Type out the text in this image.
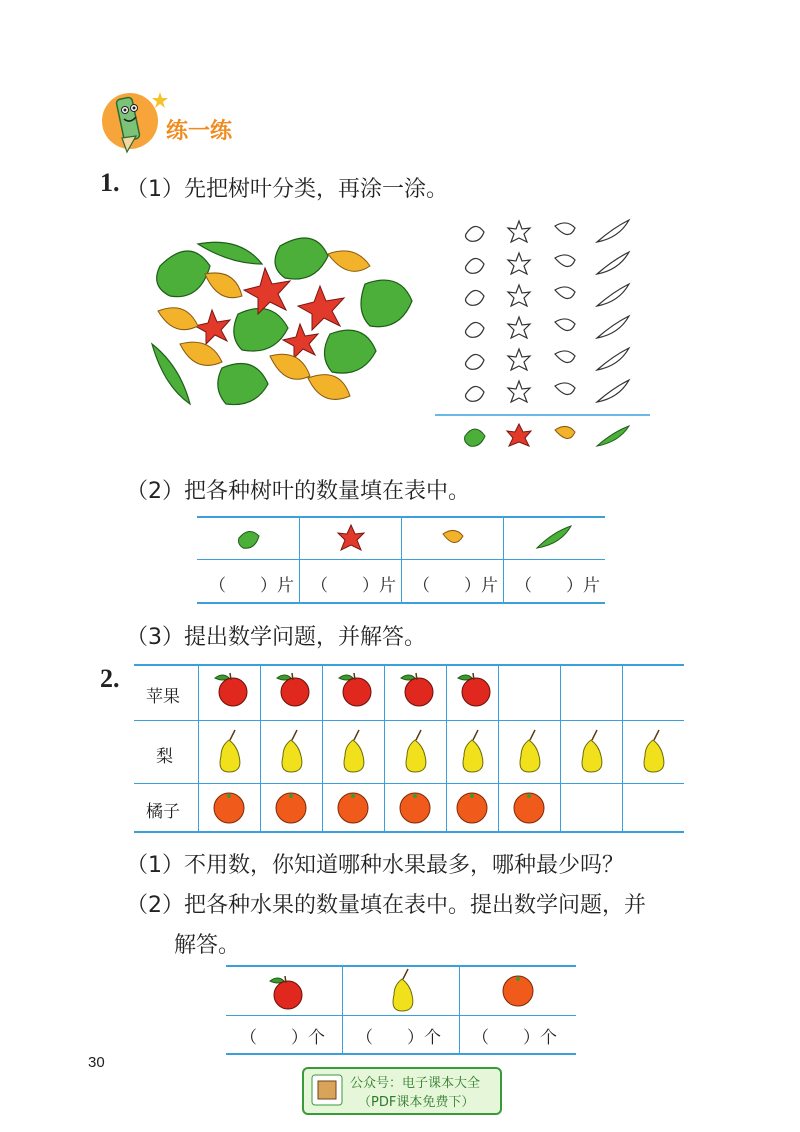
练一练
1. （1）先把树叶分类，再涂一涂。
（2）把各种树叶的数量填在表中。
（　　）片 （　　）片 （　　）片 （　　）片
（3）提出数学问题，并解答。
2.
苹果
梨
橘子
（1）不用数，你知道哪种水果最多，哪种最少吗？
（2）把各种水果的数量填在表中。提出数学问题，并
解答。
（　　）个 （　　）个 （　　）个
30
公众号：电子课本大全
（PDF课本免费下）
